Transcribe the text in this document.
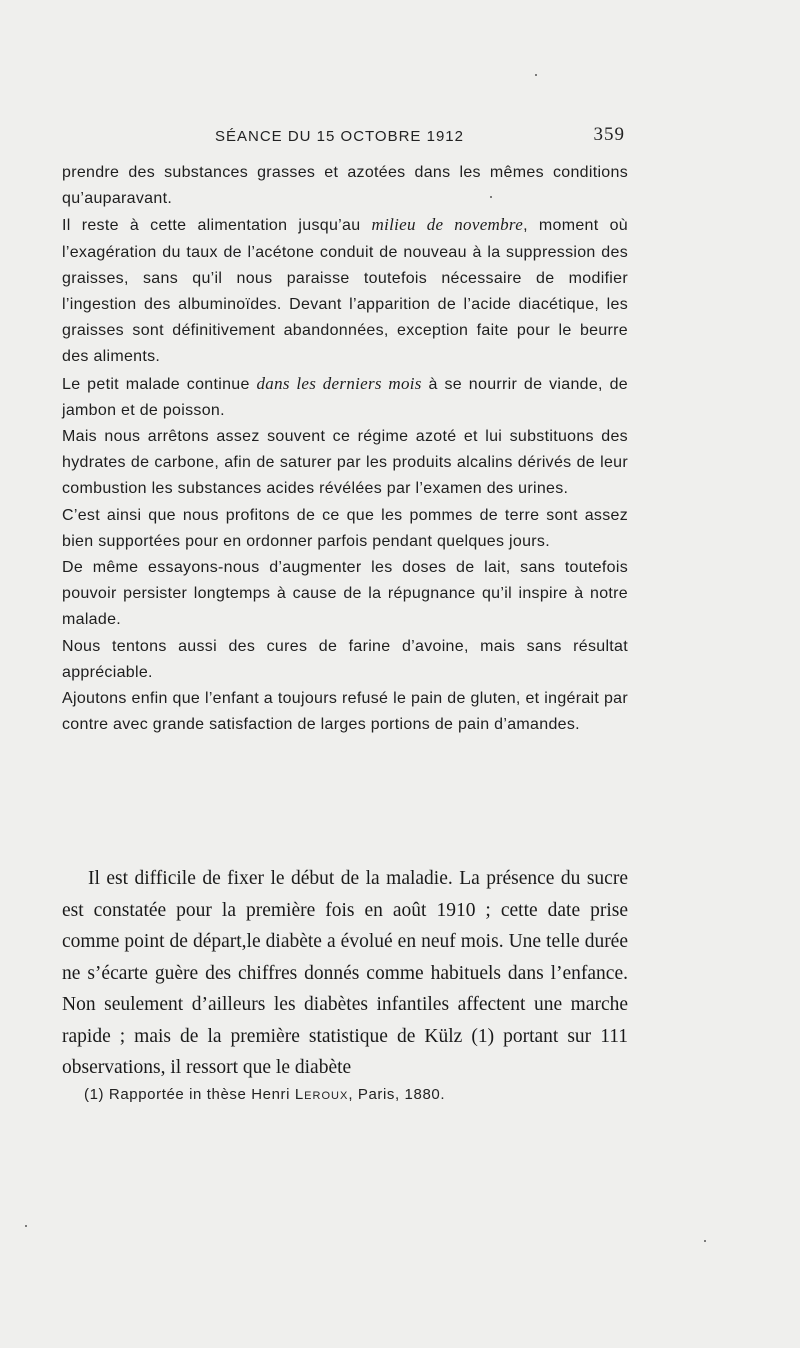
SÉANCE DU 15 OCTOBRE 1912	359

prendre des substances grasses et azotées dans les mêmes conditions qu’auparavant.

Il reste à cette alimentation jusqu’au milieu de novembre, moment où l’exagération du taux de l’acétone conduit de nouveau à la suppression des graisses, sans qu’il nous paraisse toutefois nécessaire de modifier l’ingestion des albuminoïdes. Devant l’apparition de l’acide diacétique, les graisses sont définitivement abandonnées, exception faite pour le beurre des aliments.

Le petit malade continue dans les derniers mois à se nourrir de viande, de jambon et de poisson.

Mais nous arrêtons assez souvent ce régime azoté et lui substituons des hydrates de carbone, afin de saturer par les produits alcalins dérivés de leur combustion les substances acides révélées par l’examen des urines.

C’est ainsi que nous profitons de ce que les pommes de terre sont assez bien supportées pour en ordonner parfois pendant quelques jours.

De même essayons-nous d’augmenter les doses de lait, sans toutefois pouvoir persister longtemps à cause de la répugnance qu’il inspire à notre malade.

Nous tentons aussi des cures de farine d’avoine, mais sans résultat appréciable.

Ajoutons enfin que l’enfant a toujours refusé le pain de gluten, et ingérait par contre avec grande satisfaction de larges portions de pain d’amandes.

Il est difficile de fixer le début de la maladie. La présence du sucre est constatée pour la première fois en août 1910 ; cette date prise comme point de départ,le diabète a évolué en neuf mois. Une telle durée ne s’écarte guère des chiffres donnés comme habituels dans l’enfance. Non seulement d’ailleurs les diabètes infantiles affectent une marche rapide ; mais de la première statistique de Külz (1) portant sur 111 observations, il ressort que le diabète

(1) Rapportée in thèse Henri Leroux, Paris, 1880.
